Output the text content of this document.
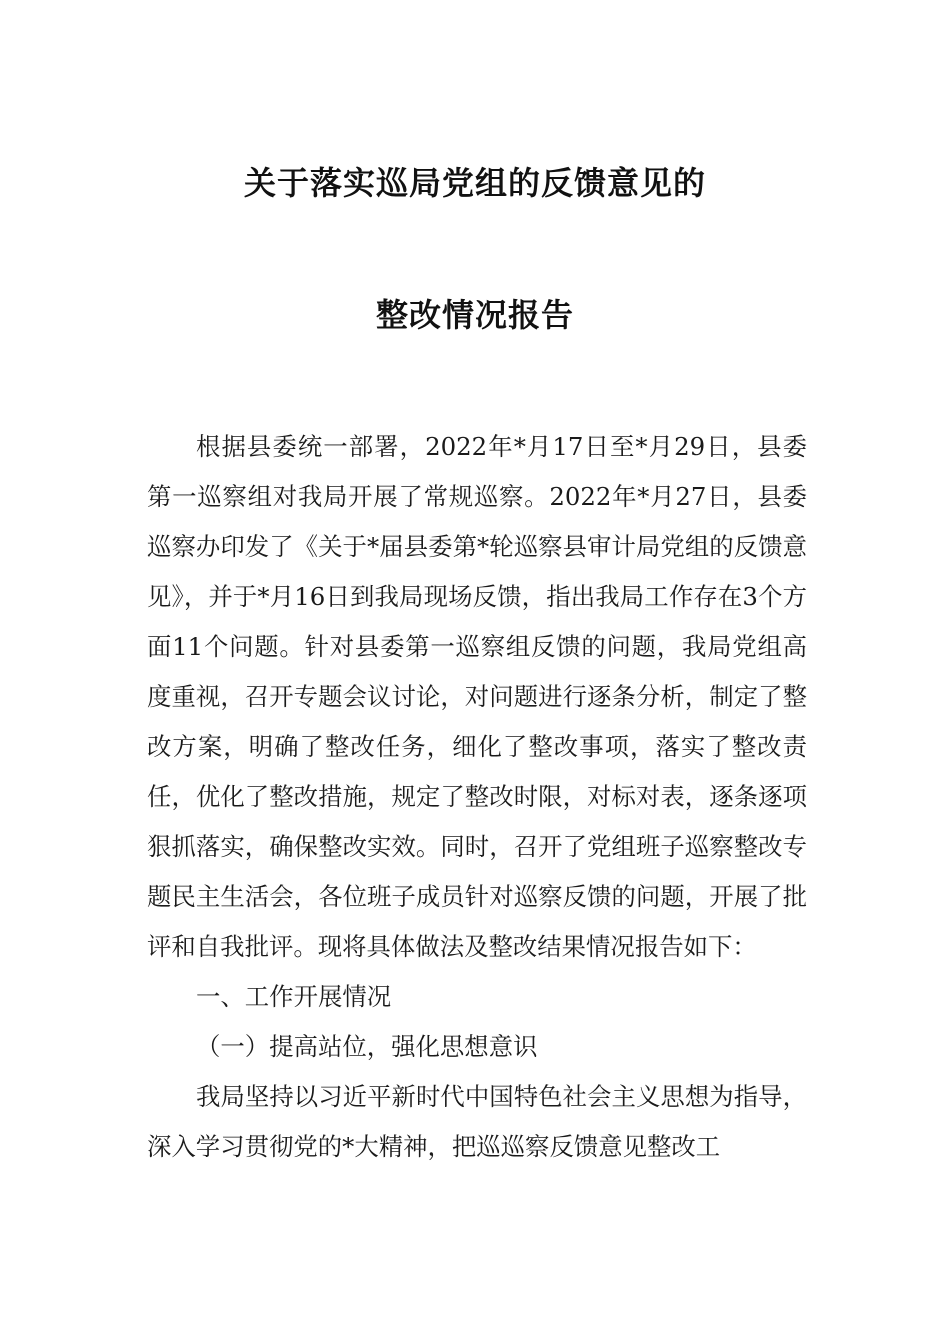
关于落实巡局党组的反馈意见的
整改情况报告

根据县委统一部署，2022年*月17日至*月29日，县委第一巡察组对我局开展了常规巡察。2022年*月27日，县委巡察办印发了《关于*届县委第*轮巡察县审计局党组的反馈意见》，并于*月16日到我局现场反馈，指出我局工作存在3个方面11个问题。针对县委第一巡察组反馈的问题，我局党组高度重视，召开专题会议讨论，对问题进行逐条分析，制定了整改方案，明确了整改任务，细化了整改事项，落实了整改责任，优化了整改措施，规定了整改时限，对标对表，逐条逐项狠抓落实，确保整改实效。同时，召开了党组班子巡察整改专题民主生活会，各位班子成员针对巡察反馈的问题，开展了批评和自我批评。现将具体做法及整改结果情况报告如下：

一、工作开展情况

（一）提高站位，强化思想意识

我局坚持以习近平新时代中国特色社会主义思想为指导，深入学习贯彻党的*大精神，把巡巡察反馈意见整改工
